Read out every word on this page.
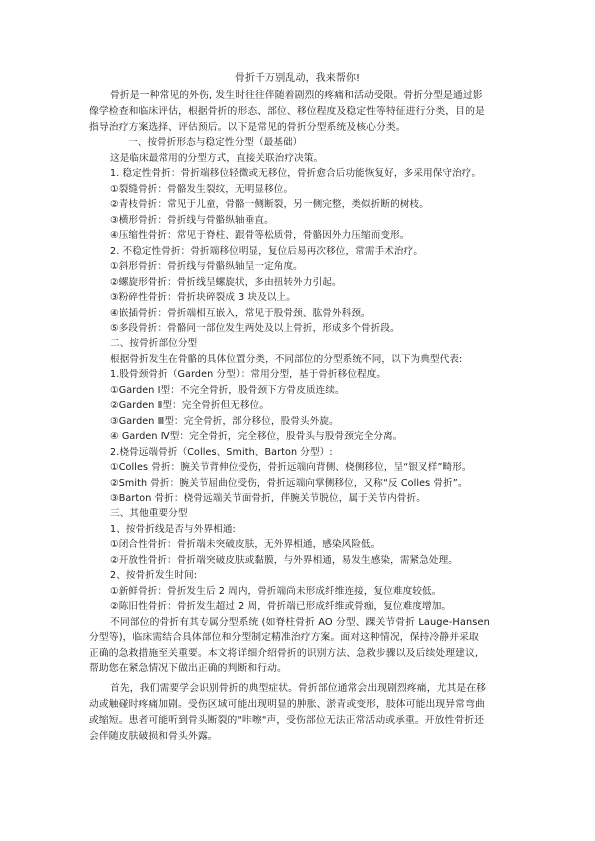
骨折千万别乱动，我来帮你!
骨折是一种常见的外伤, 发生时往往伴随着剧烈的疼痛和活动受限。骨折分型是通过影
像学检查和临床评估，根据骨折的形态、部位、移位程度及稳定性等特征进行分类，目的是
指导治疗方案选择、评估预后。以下是常见的骨折分型系统及核心分类。
一、按骨折形态与稳定性分型（最基础）
这是临床最常用的分型方式，直接关联治疗决策。
1. 稳定性骨折：骨折端移位轻微或无移位，骨折愈合后功能恢复好，多采用保守治疗。
①裂缝骨折：骨骼发生裂纹，无明显移位。
②青枝骨折：常见于儿童，骨骼一侧断裂，另一侧完整，类似折断的树枝。
③横形骨折：骨折线与骨骼纵轴垂直。
④压缩性骨折：常见于脊柱、跟骨等松质骨，骨骼因外力压缩而变形。
2. 不稳定性骨折：骨折端移位明显，复位后易再次移位，常需手术治疗。
①斜形骨折：骨折线与骨骼纵轴呈一定角度。
②螺旋形骨折：骨折线呈螺旋状，多由扭转外力引起。
③粉碎性骨折：骨折块碎裂成 3 块及以上。
④嵌插骨折：骨折端相互嵌入，常见于股骨颈、肱骨外科颈。
⑤多段骨折：骨骼同一部位发生两处及以上骨折，形成多个骨折段。
二、按骨折部位分型
根据骨折发生在骨骼的具体位置分类，不同部位的分型系统不同，以下为典型代表:
1.股骨颈骨折（Garden 分型）：常用分型，基于骨折移位程度。
①Garden Ⅰ型：不完全骨折，股骨颈下方骨皮质连续。
②Garden Ⅱ型：完全骨折但无移位。
③Garden Ⅲ型：完全骨折，部分移位，股骨头外旋。
④ Garden Ⅳ型：完全骨折，完全移位，股骨头与股骨颈完全分离。
2.桡骨远端骨折（Colles、Smith、Barton 分型）:
①Colles 骨折：腕关节背伸位受伤，骨折远端向背侧、桡侧移位，呈“银叉样”畸形。
②Smith 骨折：腕关节屈曲位受伤，骨折远端向掌侧移位，又称“反 Colles 骨折”。
③Barton 骨折：桡骨远端关节面骨折，伴腕关节脱位，属于关节内骨折。
三、其他重要分型
1、按骨折线是否与外界相通:
①闭合性骨折：骨折端未突破皮肤，无外界相通，感染风险低。
②开放性骨折：骨折端突破皮肤或黏膜，与外界相通，易发生感染，需紧急处理。
2、按骨折发生时间:
①新鲜骨折：骨折发生后 2 周内，骨折端尚未形成纤维连接，复位难度较低。
②陈旧性骨折：骨折发生超过 2 周，骨折端已形成纤维或骨痂，复位难度增加。
不同部位的骨折有其专属分型系统 (如脊柱骨折 AO 分型、踝关节骨折 Lauge-Hansen
分型等)，临床需结合具体部位和分型制定精准治疗方案。面对这种情况，保持冷静并采取
正确的急救措施至关重要。本文将详细介绍骨折的识别方法、急救步骤以及后续处理建议,
帮助您在紧急情况下做出正确的判断和行动。
首先，我们需要学会识别骨折的典型症状。骨折部位通常会出现剧烈疼痛，尤其是在移
动或触碰时疼痛加剧。受伤区域可能出现明显的肿胀、淤青或变形，肢体可能出现异常弯曲
或缩短。患者可能听到骨头断裂的"咔嚓"声，受伤部位无法正常活动或承重。开放性骨折还
会伴随皮肤破损和骨头外露。
